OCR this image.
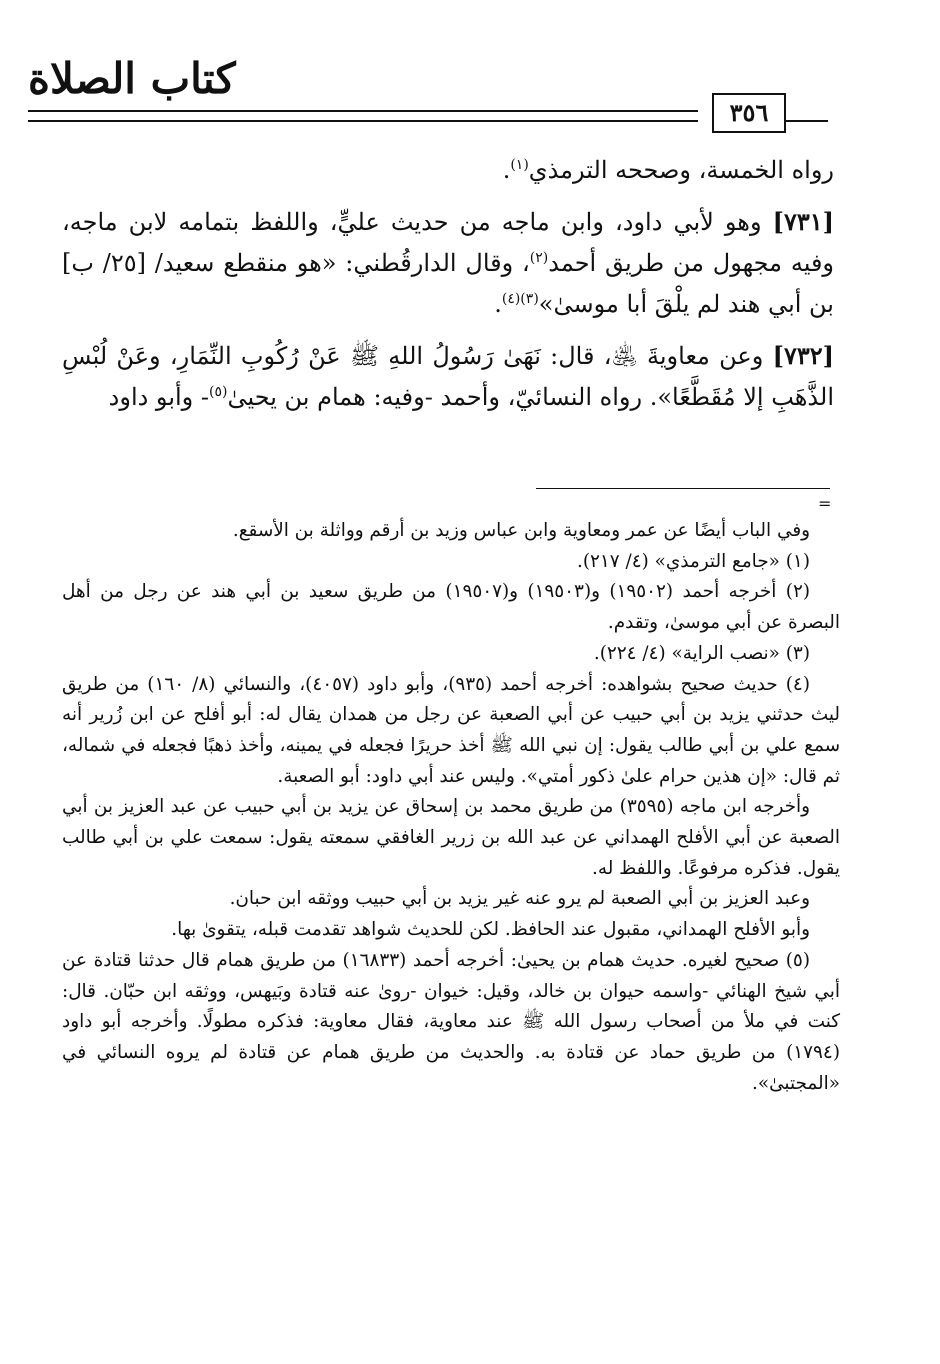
كتاب الصلاة
٣٥٦

رواه الخمسة، وصححه الترمذي$^{(١)}$.

[٧٣١] وهو لأبي داود، وابن ماجه من حديث عليٍّ، واللفظ بتمامه لابن ماجه، وفيه مجهول من طريق أحمد$^{(٢)}$، وقال الدارقُطني: «هو منقطع سعيد/ [٢٥/ ب] بن أبي هند لم يلْقَ أبا موسىٰ»$^{(٣)(٤)}$.

[٧٣٢] وعن معاويةَ ﵁، قال: نَهَىٰ رَسُولُ اللهِ ﷺ عَنْ رُكُوبِ النِّمَارِ، وعَنْ لُبْسِ الذَّهَبِ إلا مُقَطَّعًا». رواه النسائيّ، وأحمد -وفيه: همام بن يحيىٰ$^{(٥)}$- وأبو داود

=

وفي الباب أيضًا عن عمر ومعاوية وابن عباس وزيد بن أرقم وواثلة بن الأسقع.

(١) «جامع الترمذي» (٤/ ٢١٧).

(٢) أخرجه أحمد (١٩٥٠٢) و(١٩٥٠٣) و(١٩٥٠٧) من طريق سعيد بن أبي هند عن رجل من أهل البصرة عن أبي موسىٰ، وتقدم.

(٣) «نصب الراية» (٤/ ٢٢٤).

(٤) حديث صحيح بشواهده: أخرجه أحمد (٩٣٥)، وأبو داود (٤٠٥٧)، والنسائي (٨/ ١٦٠) من طريق ليث حدثني يزيد بن أبي حبيب عن أبي الصعبة عن رجل من همدان يقال له: أبو أفلح عن ابن زُرير أنه سمع علي بن أبي طالب يقول: إن نبي الله ﷺ أخذ حريرًا فجعله في يمينه، وأخذ ذهبًا فجعله في شماله، ثم قال: «إن هذين حرام علىٰ ذكور أمتي». وليس عند أبي داود: أبو الصعبة.

وأخرجه ابن ماجه (٣٥٩٥) من طريق محمد بن إسحاق عن يزيد بن أبي حبيب عن عبد العزيز بن أبي الصعبة عن أبي الأفلح الهمداني عن عبد الله بن زرير الغافقي سمعته يقول: سمعت علي بن أبي طالب يقول. فذكره مرفوعًا. واللفظ له.

وعبد العزيز بن أبي الصعبة لم يرو عنه غير يزيد بن أبي حبيب ووثقه ابن حبان.

وأبو الأفلح الهمداني، مقبول عند الحافظ. لكن للحديث شواهد تقدمت قبله، يتقوىٰ بها.

(٥) صحيح لغيره. حديث همام بن يحيىٰ: أخرجه أحمد (١٦٨٣٣) من طريق همام قال حدثنا قتادة عن أبي شيخ الهنائي -واسمه حيوان بن خالد، وقيل: خيوان -روىٰ عنه قتادة وبَيهس، ووثقه ابن حبّان. قال: كنت في ملأ من أصحاب رسول الله ﷺ عند معاوية، فقال معاوية: فذكره مطولًا. وأخرجه أبو داود (١٧٩٤) من طريق حماد عن قتادة به. والحديث من طريق همام عن قتادة لم يروه النسائي في «المجتبىٰ».
